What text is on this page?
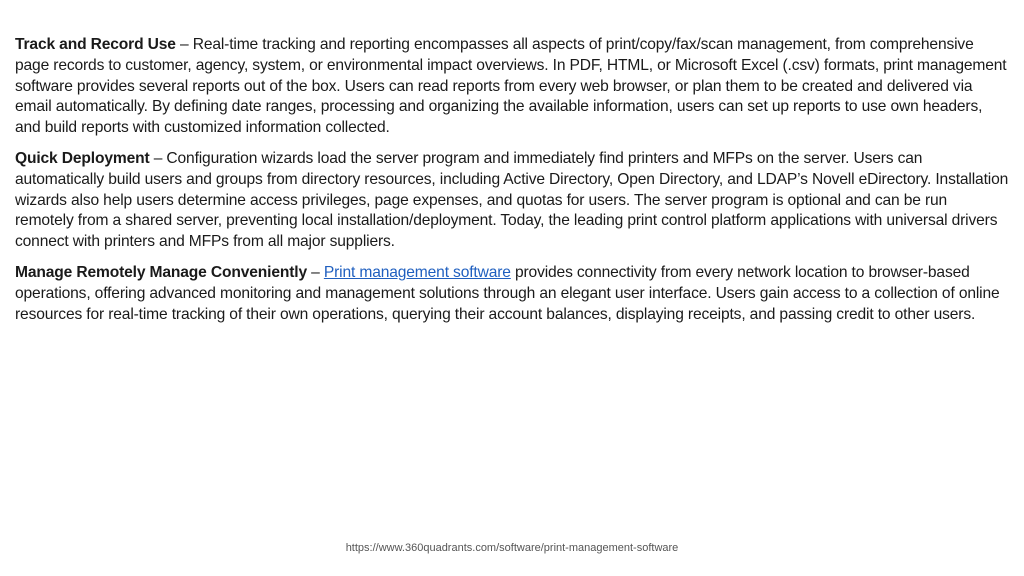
Track and Record Use – Real-time tracking and reporting encompasses all aspects of print/copy/fax/scan management, from comprehensive page records to customer, agency, system, or environmental impact overviews. In PDF, HTML, or Microsoft Excel (.csv) formats, print management software provides several reports out of the box. Users can read reports from every web browser, or plan them to be created and delivered via email automatically. By defining date ranges, processing and organizing the available information, users can set up reports to use own headers, and build reports with customized information collected.

Quick Deployment – Configuration wizards load the server program and immediately find printers and MFPs on the server. Users can automatically build users and groups from directory resources, including Active Directory, Open Directory, and LDAP’s Novell eDirectory. Installation wizards also help users determine access privileges, page expenses, and quotas for users. The server program is optional and can be run remotely from a shared server, preventing local installation/deployment. Today, the leading print control platform applications with universal drivers connect with printers and MFPs from all major suppliers.

Manage Remotely Manage Conveniently – Print management software provides connectivity from every network location to browser-based operations, offering advanced monitoring and management solutions through an elegant user interface. Users gain access to a collection of online resources for real-time tracking of their own operations, querying their account balances, displaying receipts, and passing credit to other users.

https://www.360quadrants.com/software/print-management-software
